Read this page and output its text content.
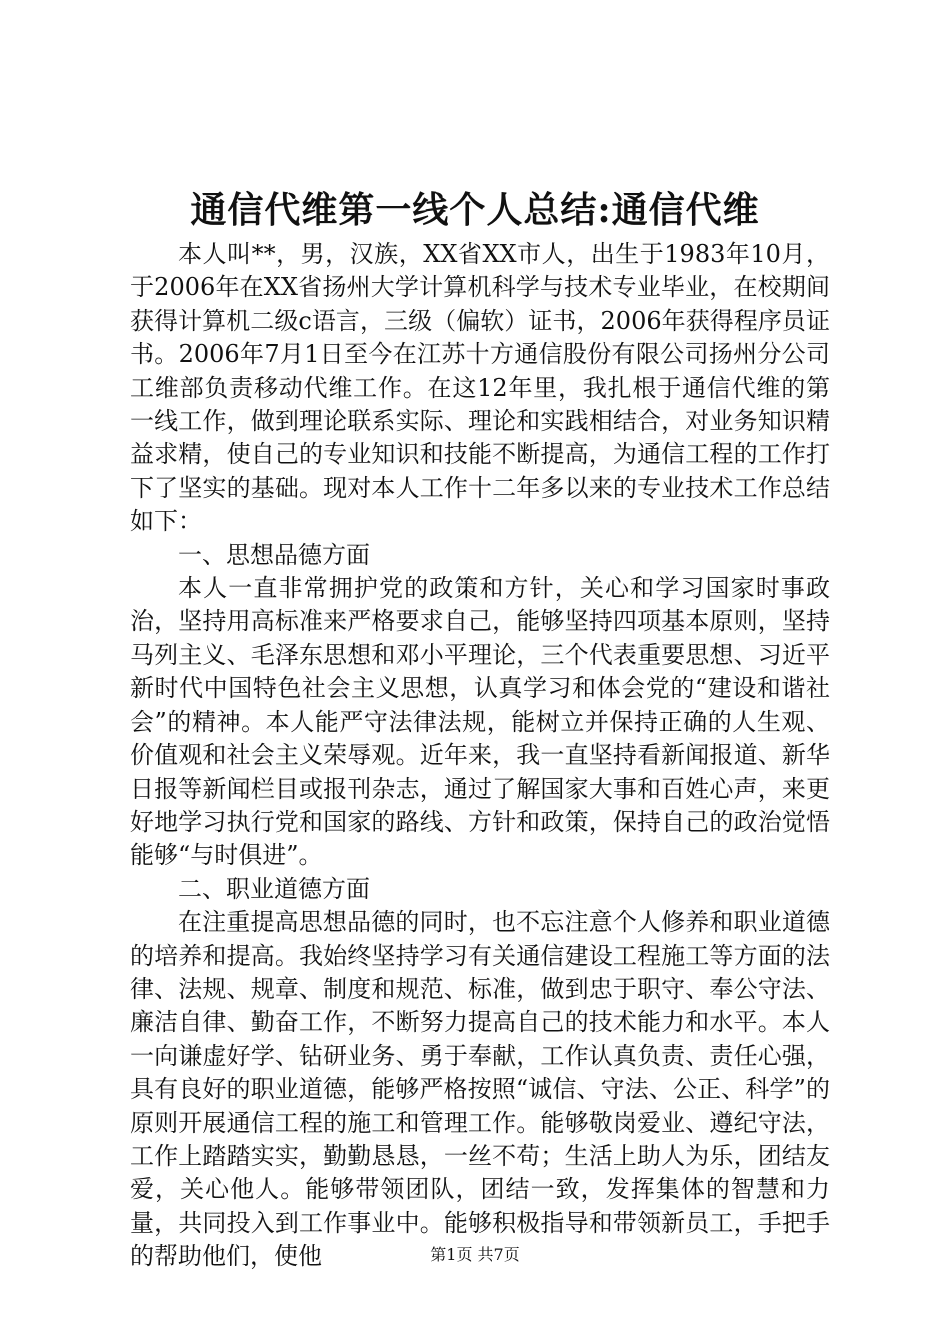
通信代维第一线个人总结:通信代维

本人叫**，男，汉族，XX省XX市人，出生于1983年10月，于2006年在XX省扬州大学计算机科学与技术专业毕业，在校期间获得计算机二级c语言，三级（偏软）证书，2006年获得程序员证书。2006年7月1日至今在江苏十方通信股份有限公司扬州分公司工维部负责移动代维工作。在这12年里，我扎根于通信代维的第一线工作，做到理论联系实际、理论和实践相结合，对业务知识精益求精，使自己的专业知识和技能不断提高，为通信工程的工作打下了坚实的基础。现对本人工作十二年多以来的专业技术工作总结如下：

一、思想品德方面

本人一直非常拥护党的政策和方针，关心和学习国家时事政治，坚持用高标准来严格要求自己，能够坚持四项基本原则，坚持马列主义、毛泽东思想和邓小平理论，三个代表重要思想、习近平新时代中国特色社会主义思想，认真学习和体会党的“建设和谐社会”的精神。本人能严守法律法规，能树立并保持正确的人生观、价值观和社会主义荣辱观。近年来，我一直坚持看新闻报道、新华日报等新闻栏目或报刊杂志，通过了解国家大事和百姓心声，来更好地学习执行党和国家的路线、方针和政策，保持自己的政治觉悟能够“与时俱进”。

二、职业道德方面

在注重提高思想品德的同时，也不忘注意个人修养和职业道德的培养和提高。我始终坚持学习有关通信建设工程施工等方面的法律、法规、规章、制度和规范、标准，做到忠于职守、奉公守法、廉洁自律、勤奋工作，不断努力提高自己的技术能力和水平。本人一向谦虚好学、钻研业务、勇于奉献，工作认真负责、责任心强，具有良好的职业道德，能够严格按照“诚信、守法、公正、科学”的原则开展通信工程的施工和管理工作。能够敬岗爱业、遵纪守法，工作上踏踏实实，勤勤恳恳，一丝不苟；生活上助人为乐，团结友爱，关心他人。能够带领团队，团结一致，发挥集体的智慧和力量，共同投入到工作事业中。能够积极指导和带领新员工，手把手的帮助他们，使他	第1页 共7页
